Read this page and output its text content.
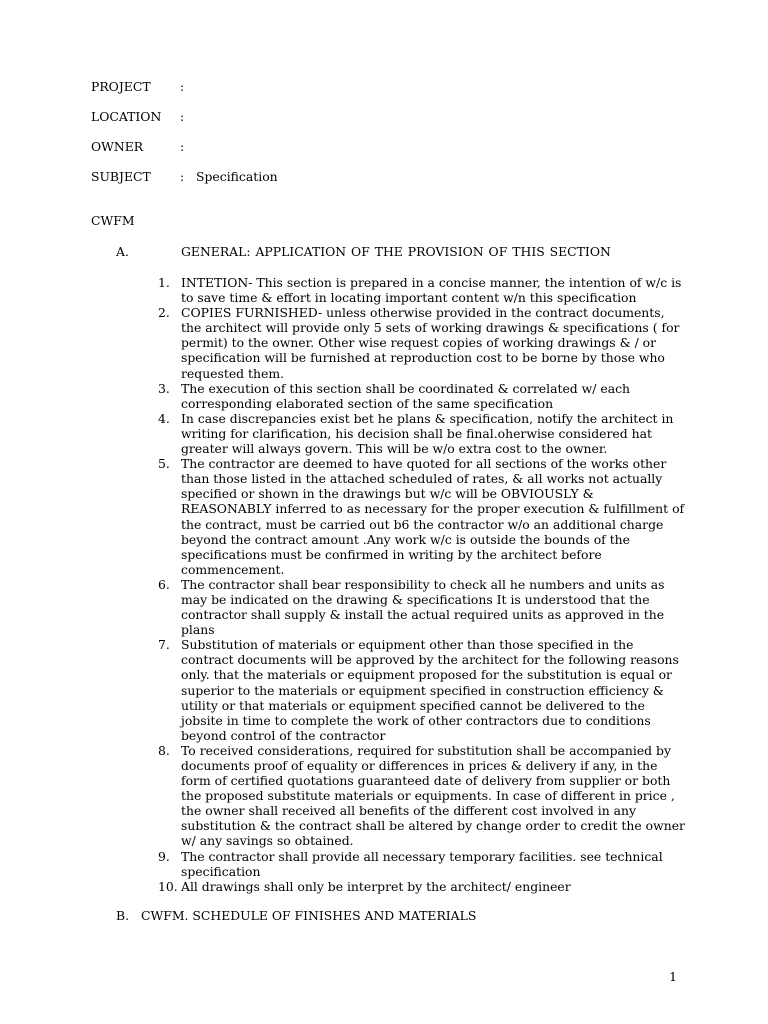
PROJECT :
LOCATION :
OWNER	:
SUBJECT : Specification
CWFM
A.	GENERAL: APPLICATION OF THE PROVISION OF THIS SECTION
1. INTETION- This section is prepared in a concise manner, the intention of w/c is to save time & effort in locating important content w/n this specification
2. COPIES FURNISHED- unless otherwise provided in the contract documents, the architect will provide only 5 sets of working drawings & specifications ( for permit) to the owner. Other wise request copies of working drawings & / or specification will be furnished at reproduction cost to be borne by those who requested them.
3. The execution of this section shall be coordinated & correlated w/ each corresponding elaborated section of the same specification
4. In case discrepancies exist bet he plans & specification, notify the architect in writing for clarification, his decision shall be final.oherwise considered hat greater will always govern. This will be w/o extra cost to the owner.
5. The contractor are deemed to have quoted for all sections of the works other than those listed in the attached scheduled of rates, & all works not actually specified or shown in the drawings but w/c will be OBVIOUSLY & REASONABLY inferred to as necessary for the proper execution & fulfillment of the contract, must be carried out b6 the contractor w/o an additional charge beyond the contract amount .Any work w/c is outside the bounds of the specifications must be confirmed in writing by the architect before commencement.
6. The contractor shall bear responsibility to check all he numbers and units as may be indicated on the drawing & specifications It is understood that the contractor shall supply & install the actual required units as approved in the plans
7. Substitution of materials or equipment other than those specified in the contract documents will be approved by the architect for the following reasons only. that the materials or equipment proposed for the substitution is equal or superior to the materials or equipment specified in construction efficiency & utility or that materials or equipment specified cannot be delivered to the jobsite in time to complete the work of other contractors due to conditions beyond control of the contractor
8. To received considerations, required for substitution shall be accompanied by documents proof of equality or differences in prices & delivery if any, in the form of certified quotations guaranteed date of delivery from supplier or both the proposed substitute materials or equipments. In case of different in price , the owner shall received all benefits of the different cost involved in any substitution & the contract shall be altered by change order to credit the owner w/ any savings so obtained.
9. The contractor shall provide all necessary temporary facilities. see technical specification
10. All drawings shall only be interpret by the architect/ engineer
B. CWFM. SCHEDULE OF FINISHES AND MATERIALS
1
